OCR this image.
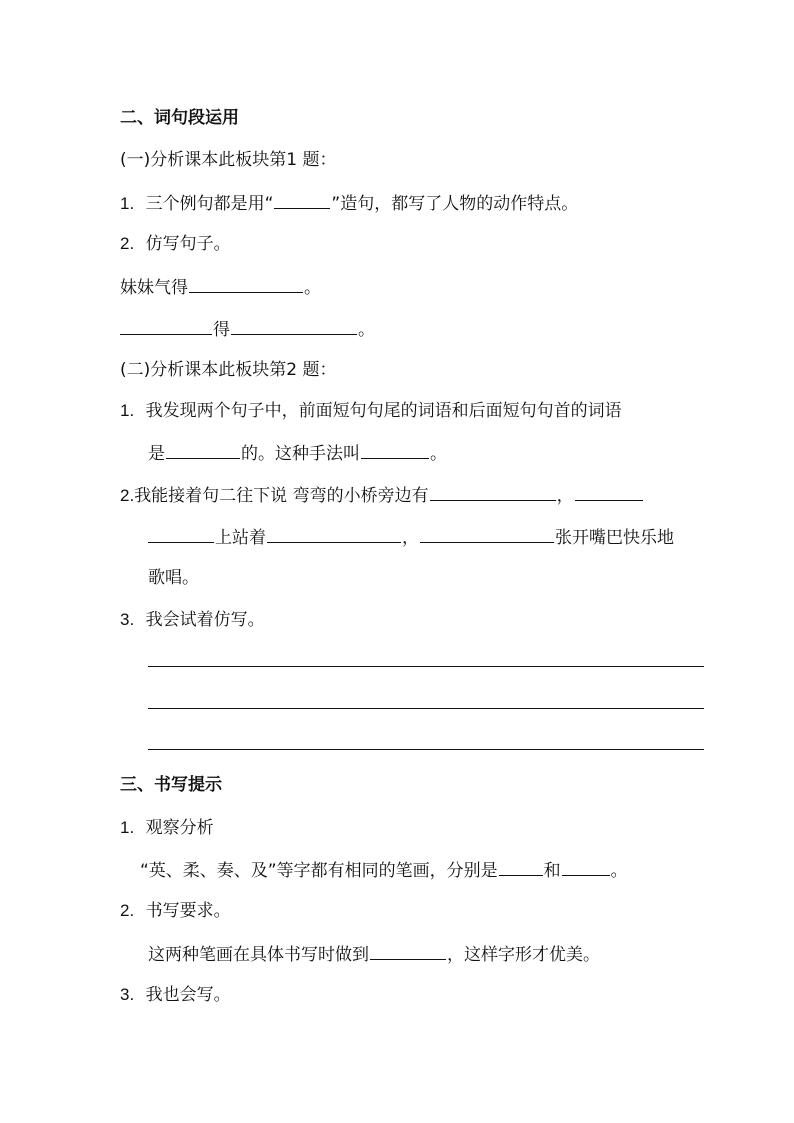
二、词句段运用
(一)分析课本此板块第1 题：
1. 三个例句都是用“	”造句，都写了人物的动作特点。
2. 仿写句子。
妹妹气得	。
得	。
(二)分析课本此板块第2 题：
1. 我发现两个句子中，前面短句句尾的词语和后面短句句首的词语
是	的。这种手法叫	。
2.我能接着句二往下说 弯弯的小桥旁边有	，
上站着	，	张开嘴巴快乐地
歌唱。
3. 我会试着仿写。
三、书写提示
1. 观察分析
“英、柔、奏、及”等字都有相同的笔画，分别是	和	。
2. 书写要求。
这两种笔画在具体书写时做到	，这样字形才优美。
3. 我也会写。
